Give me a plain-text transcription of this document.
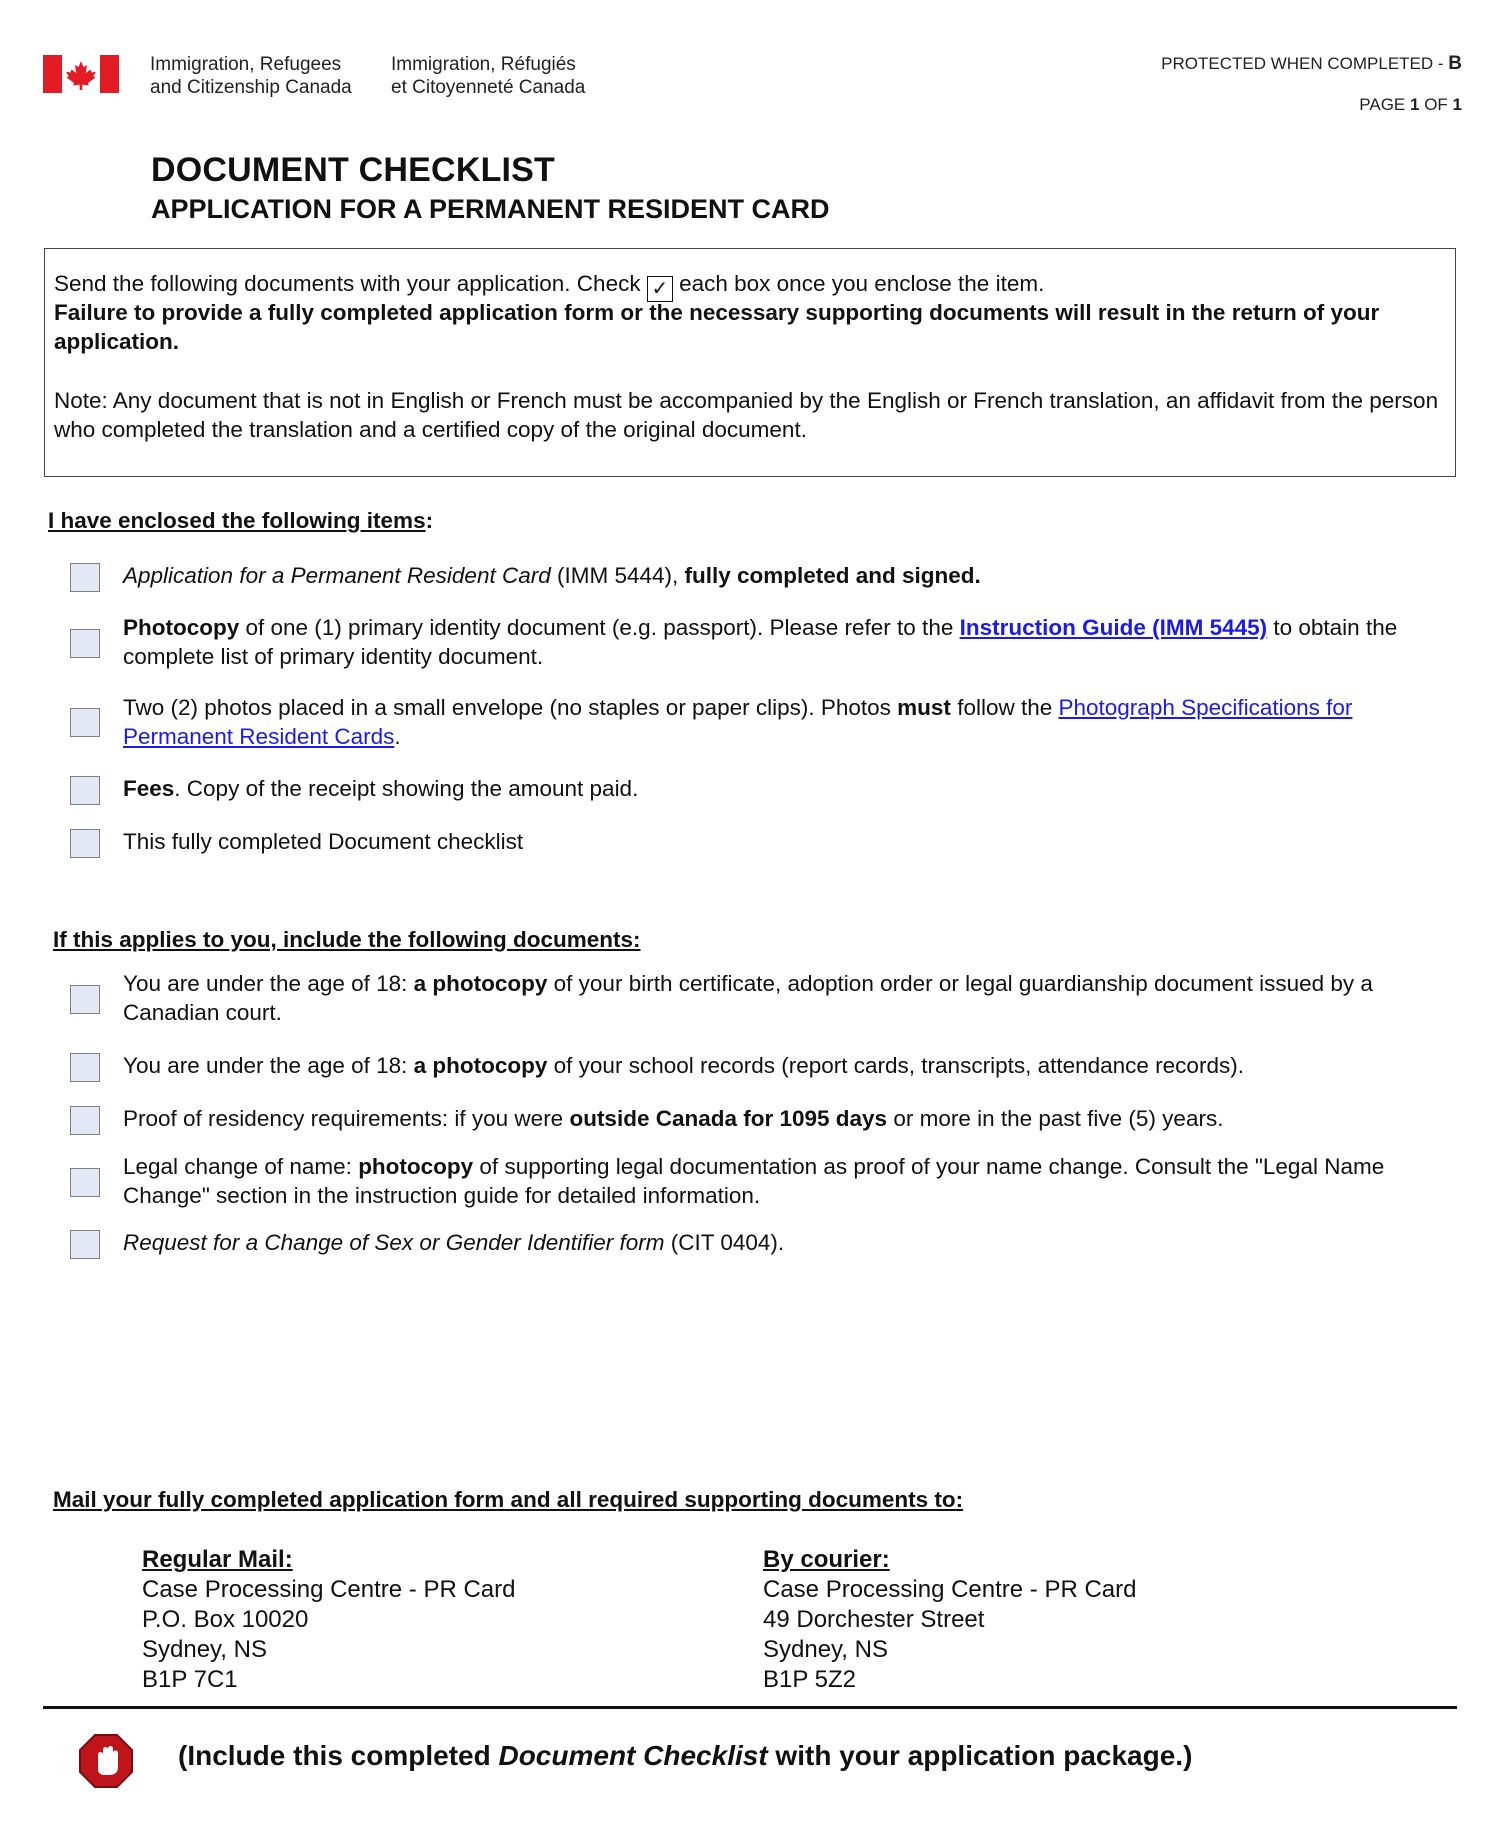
Immigration, Refugees
and Citizenship Canada
Immigration, Réfugiés
et Citoyenneté Canada
PROTECTED WHEN COMPLETED - B
PAGE 1 OF 1
DOCUMENT CHECKLIST
APPLICATION FOR A PERMANENT RESIDENT CARD
Send the following documents with your application. Check ✓ each box once you enclose the item.
Failure to provide a fully completed application form or the necessary supporting documents will result in the return of your application.
Note: Any document that is not in English or French must be accompanied by the English or French translation, an affidavit from the person who completed the translation and a certified copy of the original document.
I have enclosed the following items:
Application for a Permanent Resident Card (IMM 5444), fully completed and signed.
Photocopy of one (1) primary identity document (e.g. passport). Please refer to the Instruction Guide (IMM 5445) to obtain the complete list of primary identity document.
Two (2) photos placed in a small envelope (no staples or paper clips). Photos must follow the Photograph Specifications for Permanent Resident Cards.
Fees. Copy of the receipt showing the amount paid.
This fully completed Document checklist
If this applies to you, include the following documents:
You are under the age of 18: a photocopy of your birth certificate, adoption order or legal guardianship document issued by a Canadian court.
You are under the age of 18: a photocopy of your school records (report cards, transcripts, attendance records).
Proof of residency requirements: if you were outside Canada for 1095 days or more in the past five (5) years.
Legal change of name: photocopy of supporting legal documentation as proof of your name change. Consult the "Legal Name Change" section in the instruction guide for detailed information.
Request for a Change of Sex or Gender Identifier form (CIT 0404).
Mail your fully completed application form and all required supporting documents to:
Regular Mail:
Case Processing Centre - PR Card
P.O. Box 10020
Sydney, NS
B1P 7C1
By courier:
Case Processing Centre - PR Card
49 Dorchester Street
Sydney, NS
B1P 5Z2
(Include this completed Document Checklist with your application package.)
